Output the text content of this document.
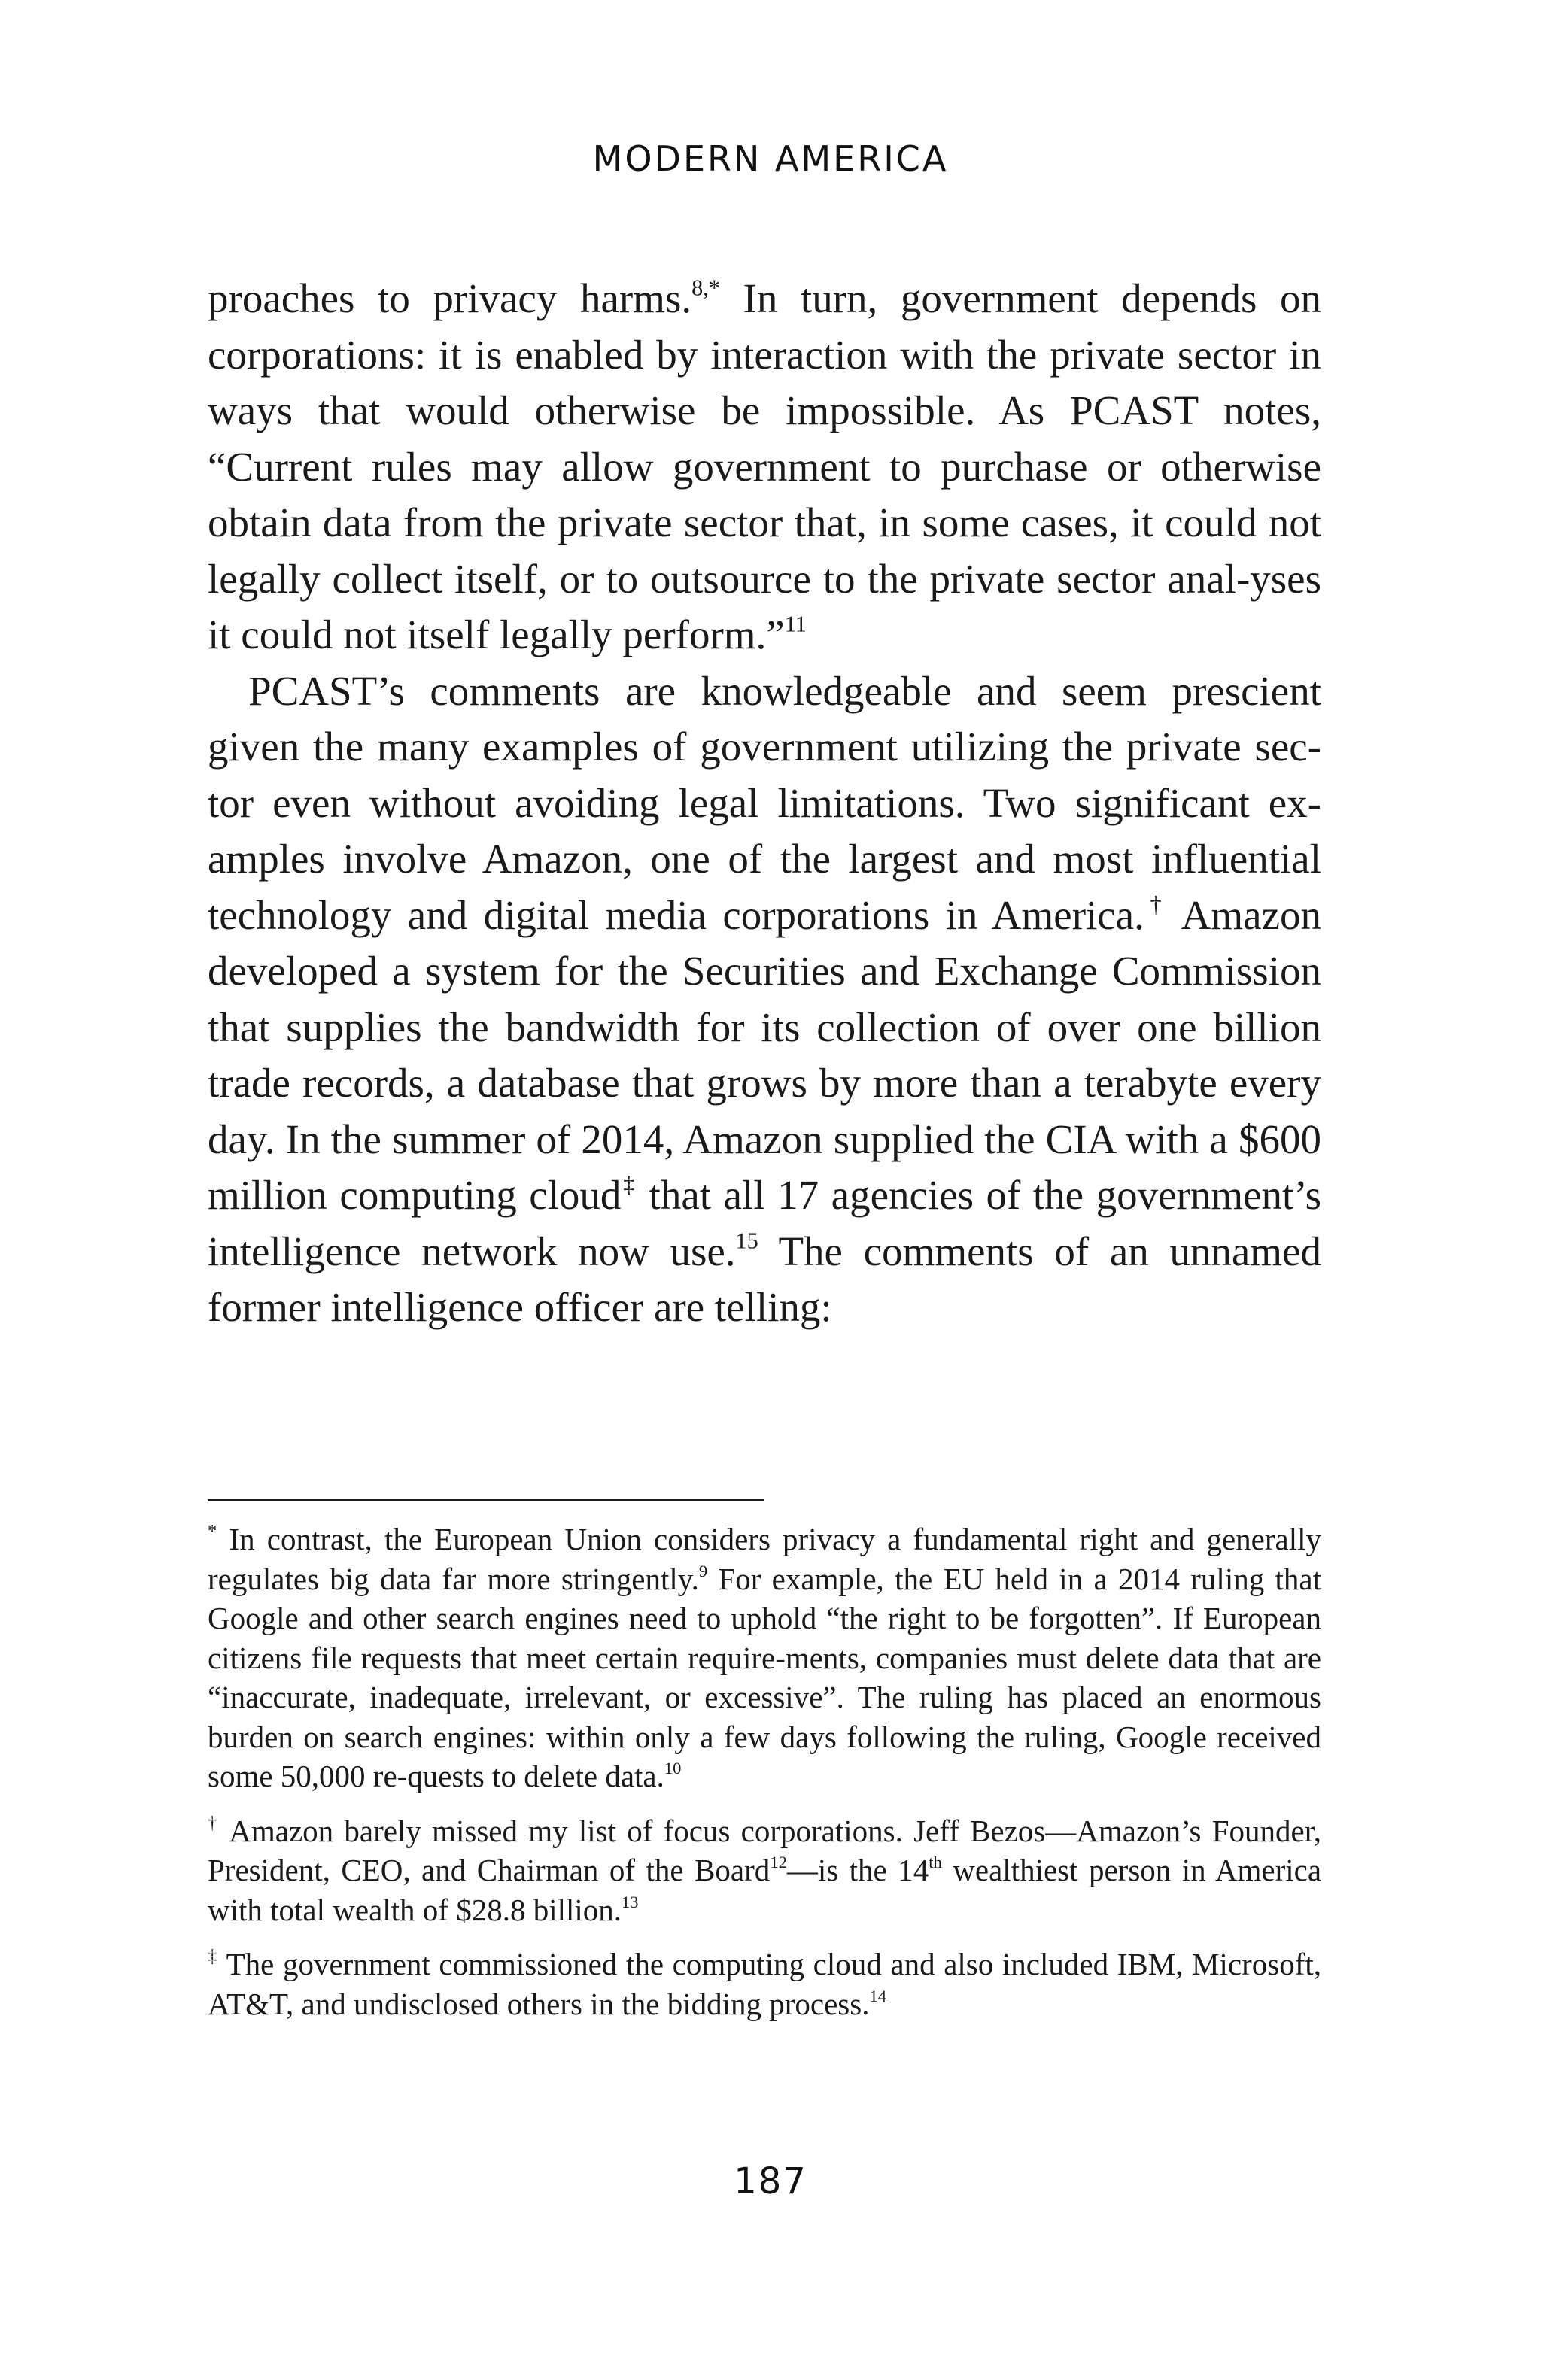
MODERN AMERICA

proaches to privacy harms.$^{8,*}$ In turn, government depends on corporations: it is enabled by interaction with the private sector in ways that would otherwise be impossible. As PCAST notes, “Current rules may allow government to purchase or otherwise obtain data from the private sector that, in some cases, it could not legally collect itself, or to outsource to the private sector anal-yses it could not itself legally perform.”$^{11}$

PCAST’s comments are knowledgeable and seem prescient given the many examples of government utilizing the private sec-tor even without avoiding legal limitations. Two significant ex-amples involve Amazon, one of the largest and most influential technology and digital media corporations in America.† Amazon developed a system for the Securities and Exchange Commission that supplies the bandwidth for its collection of over one billion trade records, a database that grows by more than a terabyte every day. In the summer of 2014, Amazon supplied the CIA with a $600 million computing cloud‡ that all 17 agencies of the government’s intelligence network now use.$^{15}$ The comments of an unnamed former intelligence officer are telling:

* In contrast, the European Union considers privacy a fundamental right and generally regulates big data far more stringently.$^9$ For example, the EU held in a 2014 ruling that Google and other search engines need to uphold “the right to be forgotten”. If European citizens file requests that meet certain require-ments, companies must delete data that are “inaccurate, inadequate, irrelevant, or excessive”. The ruling has placed an enormous burden on search engines: within only a few days following the ruling, Google received some 50,000 re-quests to delete data.$^{10}$

† Amazon barely missed my list of focus corporations. Jeff Bezos—Amazon’s Founder, President, CEO, and Chairman of the Board$^{12}$—is the 14th wealthiest person in America with total wealth of $28.8 billion.$^{13}$

‡ The government commissioned the computing cloud and also included IBM, Microsoft, AT&T, and undisclosed others in the bidding process.$^{14}$

187
